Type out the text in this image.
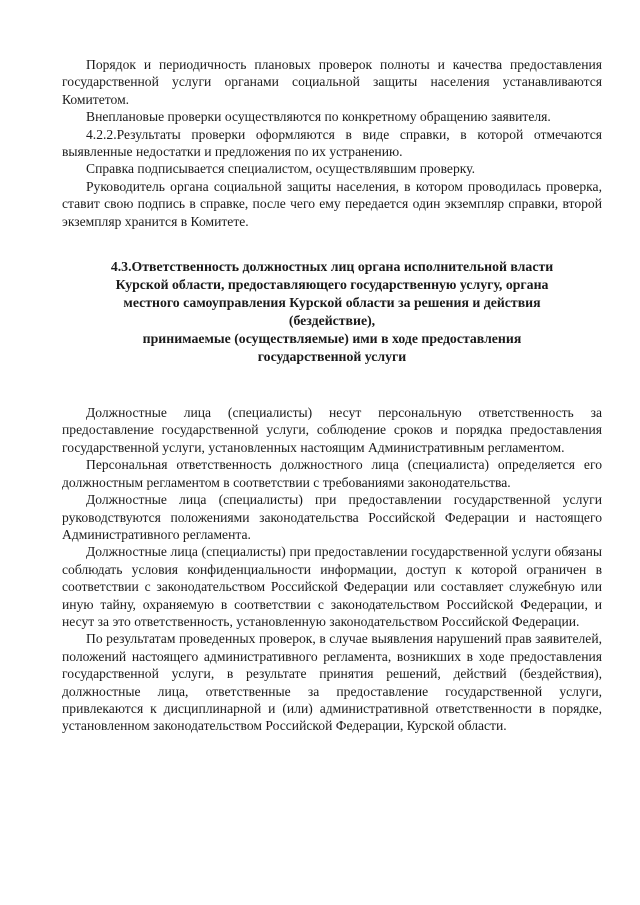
Порядок и периодичность плановых проверок полноты и качества предоставления государственной услуги органами социальной защиты населения устанавливаются Комитетом.

Внеплановые проверки осуществляются по конкретному обращению заявителя.

4.2.2.Результаты проверки оформляются в виде справки, в которой отмечаются выявленные недостатки и предложения по их устранению.

Справка подписывается специалистом, осуществлявшим проверку.

Руководитель органа социальной защиты населения, в котором проводилась проверка, ставит свою подпись в справке, после чего ему передается один экземпляр справки, второй экземпляр хранится в Комитете.

4.3.Ответственность должностных лиц органа исполнительной власти
Курской области, предоставляющего государственную услугу, органа
местного самоуправления Курской области за решения и действия
(бездействие),
принимаемые (осуществляемые) ими в ходе предоставления
государственной услуги

Должностные лица (специалисты) несут персональную ответственность за предоставление государственной услуги, соблюдение сроков и порядка предоставления государственной услуги, установленных настоящим Административным регламентом.

Персональная ответственность должностного лица (специалиста) определяется его должностным регламентом в соответствии с требованиями законодательства.

Должностные лица (специалисты) при предоставлении государственной услуги руководствуются положениями законодательства Российской Федерации и настоящего Административного регламента.

Должностные лица (специалисты) при предоставлении государственной услуги обязаны соблюдать условия конфиденциальности информации, доступ к которой ограничен в соответствии с законодательством Российской Федерации или составляет служебную или иную тайну, охраняемую в соответствии с законодательством Российской Федерации, и несут за это ответственность, установленную законодательством Российской Федерации.

По результатам проведенных проверок, в случае выявления нарушений прав заявителей, положений настоящего административного регламента, возникших в ходе предоставления государственной услуги, в результате принятия решений, действий (бездействия), должностные лица, ответственные за предоставление государственной услуги, привлекаются к дисциплинарной и (или) административной ответственности в порядке, установленном законодательством Российской Федерации, Курской области.
